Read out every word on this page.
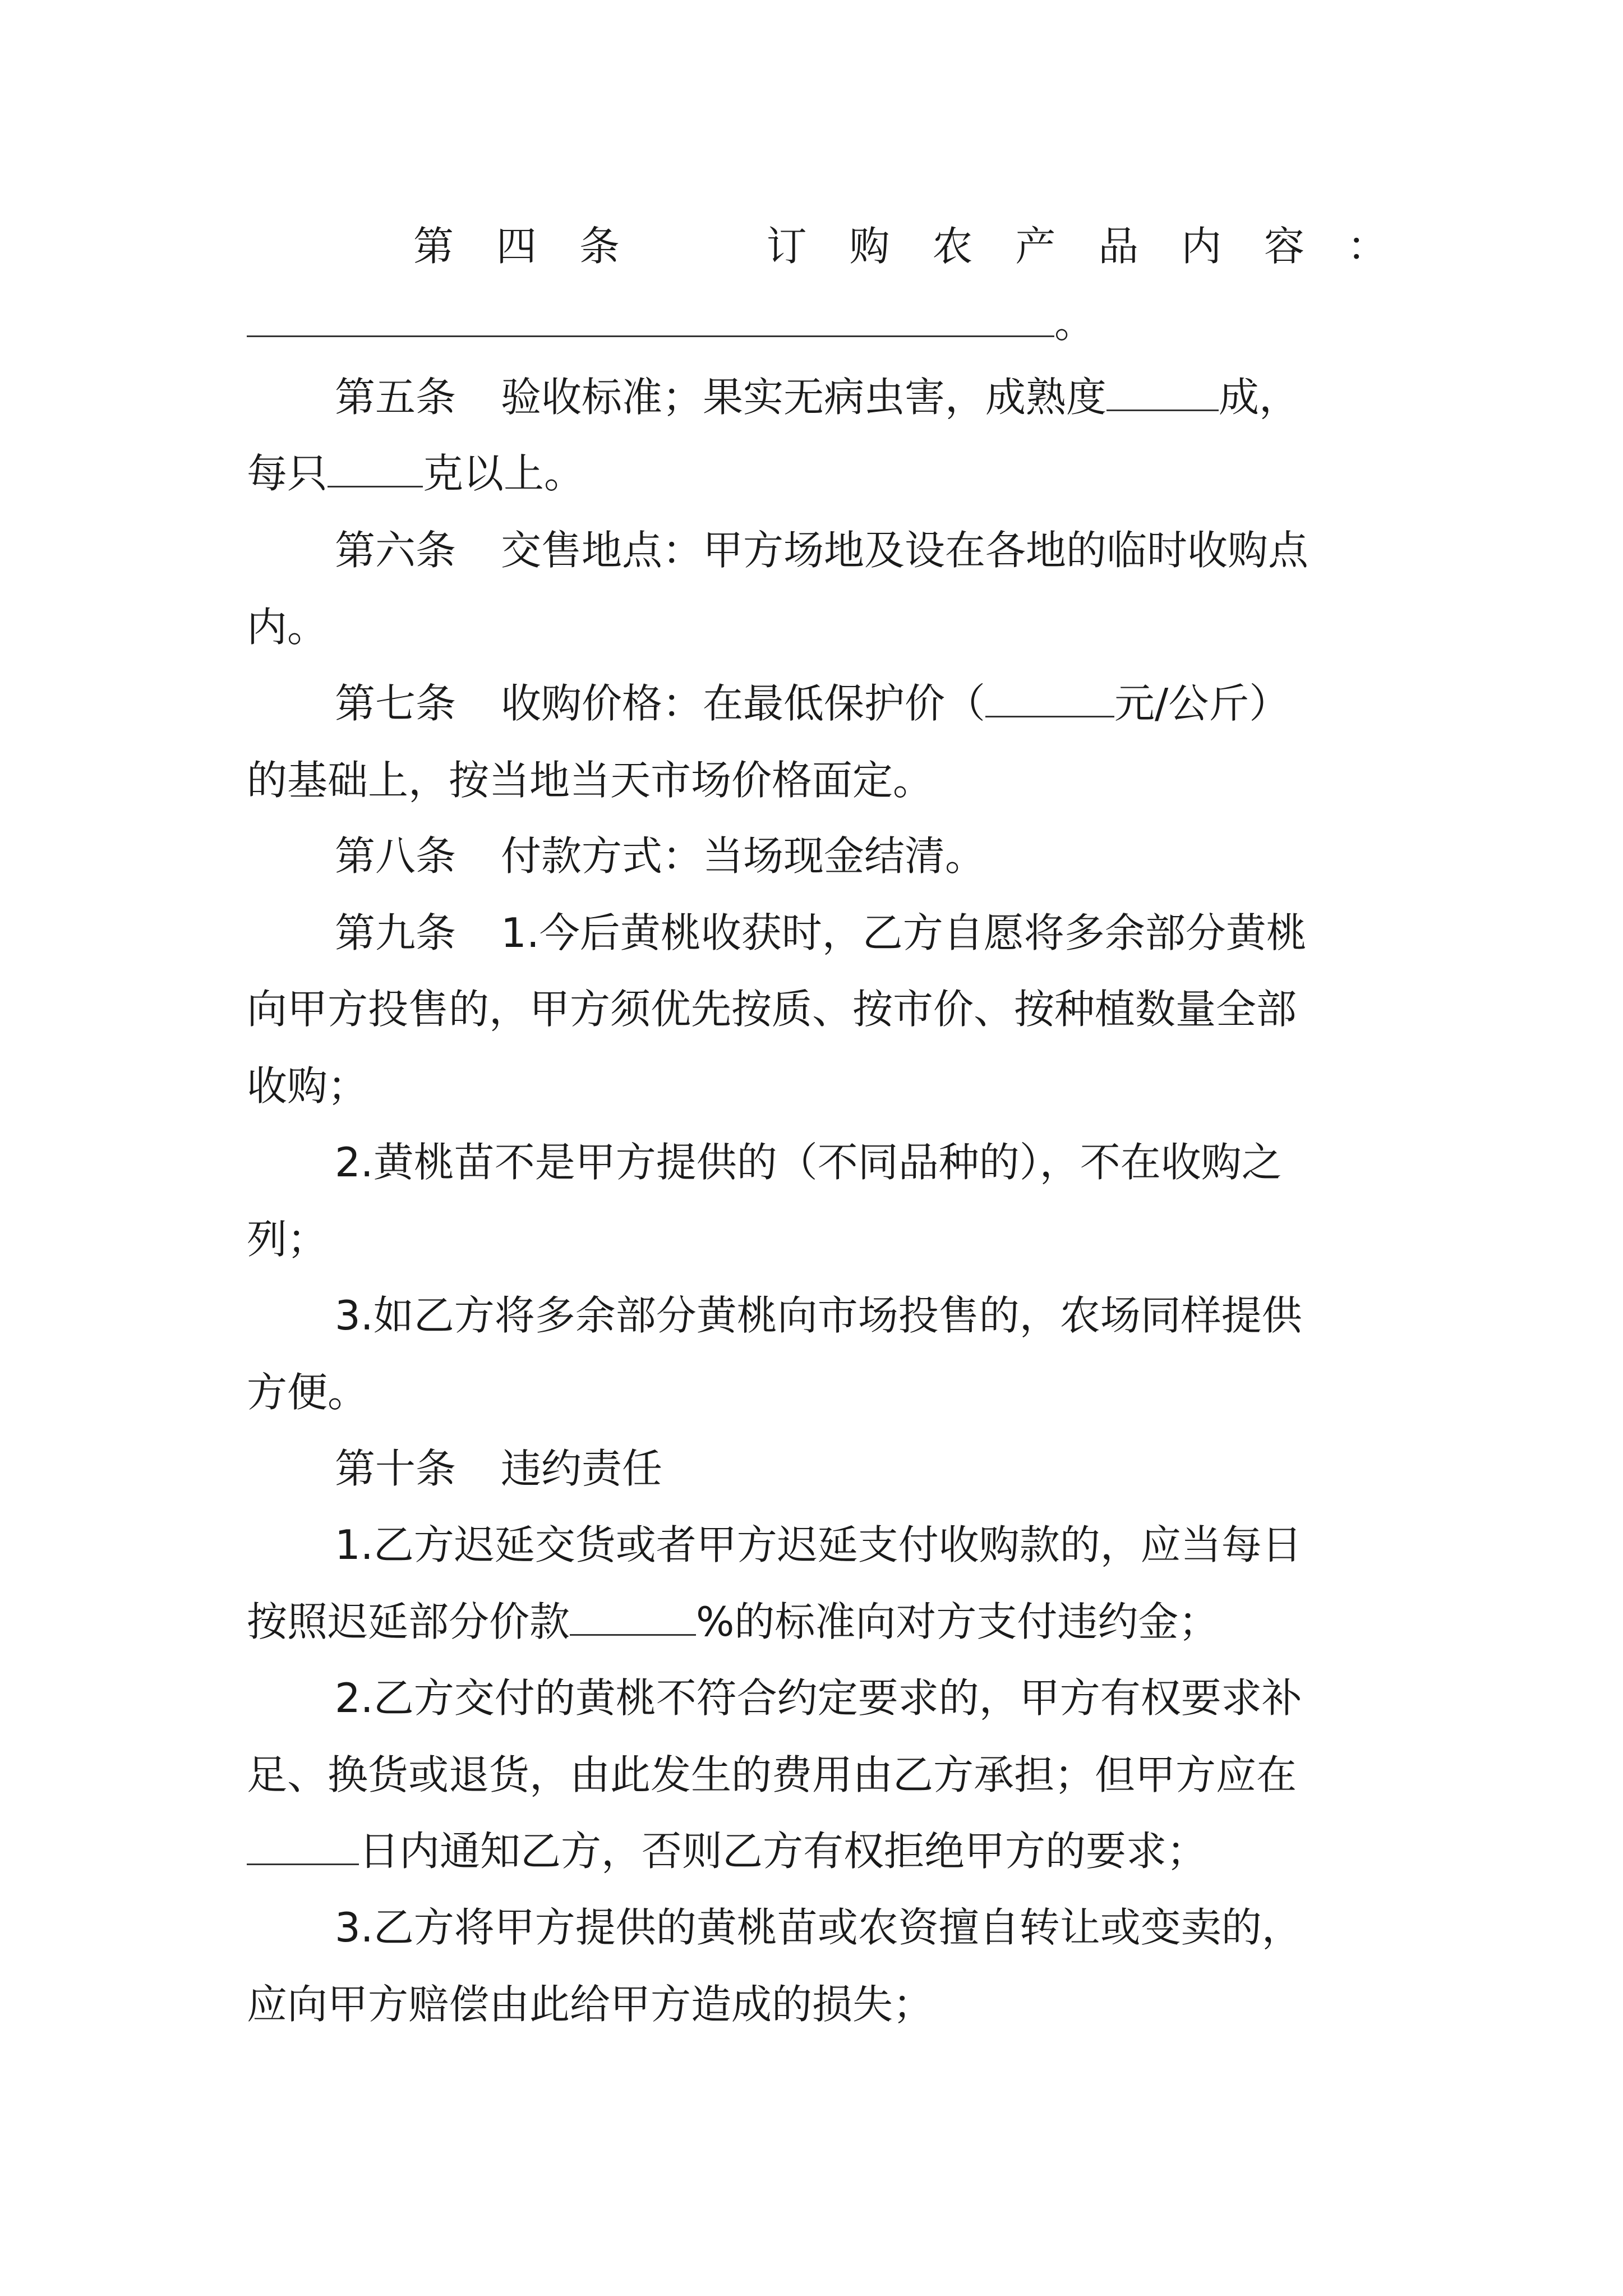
第 四 条	订 购 农 产 品 内 容 ：
。
第五条 验收标准；果实无病虫害，成熟度	成，
每只 克以上。
第六条 交售地点：甲方场地及设在各地的临时收购点
内。
第七条 收购价格：在最低保护价（	元/公斤）
的基础上，按当地当天市场价格面定。
第八条 付款方式：当场现金结清。
第九条 1.今后黄桃收获时，乙方自愿将多余部分黄桃
向甲方投售的，甲方须优先按质、按市价、按种植数量全部
收购；
2.黄桃苗不是甲方提供的（不同品种的），不在收购之
列；
3.如乙方将多余部分黄桃向市场投售的，农场同样提供
方便。
第十条 违约责任
1.乙方迟延交货或者甲方迟延支付收购款的，应当每日
按照迟延部分价款	%的标准向对方支付违约金；
2.乙方交付的黄桃不符合约定要求的，甲方有权要求补
足、换货或退货，由此发生的费用由乙方承担；但甲方应在
日内通知乙方，否则乙方有权拒绝甲方的要求；
3.乙方将甲方提供的黄桃苗或农资擅自转让或变卖的，
应向甲方赔偿由此给甲方造成的损失；
